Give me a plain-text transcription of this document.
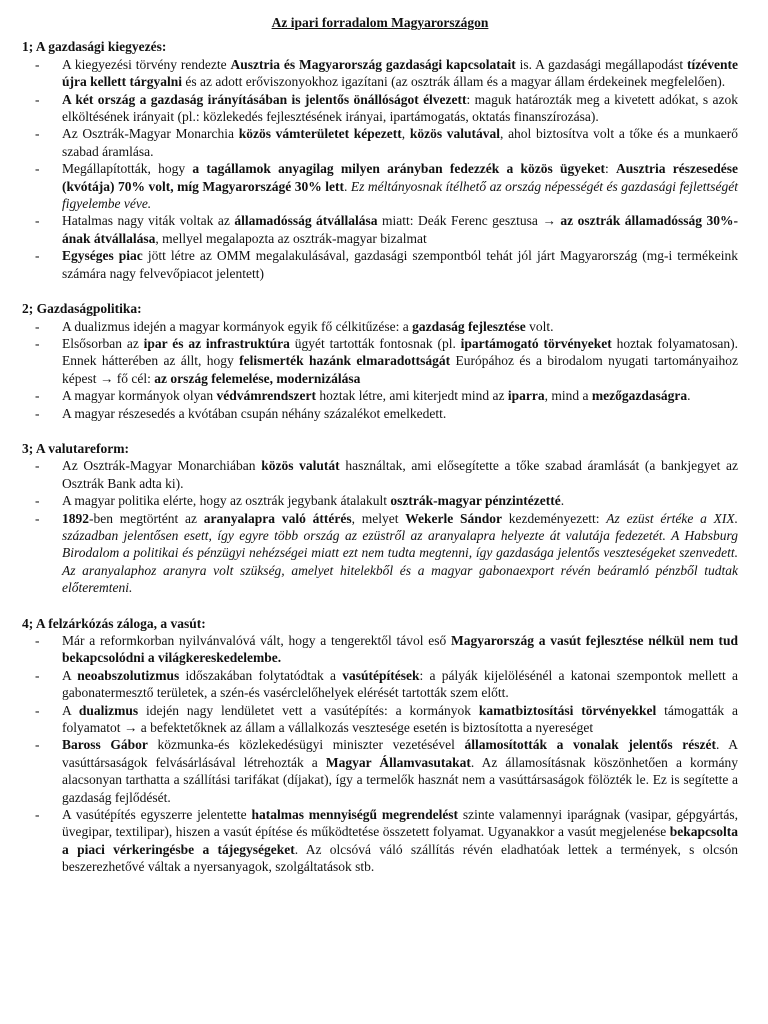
Az ipari forradalom Magyarországon
1; A gazdasági kiegyezés:
- A kiegyezési törvény rendezte Ausztria és Magyarország gazdasági kapcsolatait is. A gazdasági megállapodást tízévente újra kellett tárgyalni és az adott erőviszonyokhoz igazítani (az osztrák állam és a magyar állam érdekeinek megfelelően).
- A két ország a gazdaság irányításában is jelentős önállóságot élvezett: maguk határozták meg a kivetett adókat, s azok elköltésének irányait (pl.: közlekedés fejlesztésének irányai, ipartámogatás, oktatás finanszírozása).
- Az Osztrák-Magyar Monarchia közös vámterületet képezett, közös valutával, ahol biztosítva volt a tőke és a munkaerő szabad áramlása.
- Megállapították, hogy a tagállamok anyagilag milyen arányban fedezzék a közös ügyeket: Ausztria részesedése (kvótája) 70% volt, míg Magyarországé 30% lett. Ez méltányosnak ítélhető az ország népességét és gazdasági fejlettségét figyelembe véve.
- Hatalmas nagy viták voltak az államadósság átvállalása miatt: Deák Ferenc gesztusa → az osztrák államadósság 30%-ának átvállalása, mellyel megalapozta az osztrák-magyar bizalmat
- Egységes piac jött létre az OMM megalakulásával, gazdasági szempontból tehát jól járt Magyarország (mg-i termékeink számára nagy felvevőpiacot jelentett)
2; Gazdaságpolitika:
- A dualizmus idején a magyar kormányok egyik fő célkitűzése: a gazdaság fejlesztése volt.
- Elsősorban az ipar és az infrastruktúra ügyét tartották fontosnak (pl. ipartámogató törvényeket hoztak folyamatosan). Ennek hátterében az állt, hogy felismerték hazánk elmaradottságát Európához és a birodalom nyugati tartományaihoz képest → fő cél: az ország felemelése, modernizálása
- A magyar kormányok olyan védvámrendszert hoztak létre, ami kiterjedt mind az iparra, mind a mezőgazdaságra.
- A magyar részesedés a kvótában csupán néhány százalékot emelkedett.
3; A valutareform:
- Az Osztrák-Magyar Monarchiában közös valutát használtak, ami elősegítette a tőke szabad áramlását (a bankjegyet az Osztrák Bank adta ki).
- A magyar politika elérte, hogy az osztrák jegybank átalakult osztrák-magyar pénzintézetté.
- 1892-ben megtörtént az aranyalapra való áttérés, melyet Wekerle Sándor kezdeményezett: Az ezüst értéke a XIX. században jelentősen esett, így egyre több ország az ezüstről az aranyalapra helyezte át valutája fedezetét. A Habsburg Birodalom a politikai és pénzügyi nehézségei miatt ezt nem tudta megtenni, így gazdasága jelentős veszteségeket szenvedett. Az aranyalaphoz aranyra volt szükség, amelyet hitelekből és a magyar gabonaexport révén beáramló pénzből tudtak előteremteni.
4; A felzárkózás záloga, a vasút:
- Már a reformkorban nyilvánvalóvá vált, hogy a tengerektől távol eső Magyarország a vasút fejlesztése nélkül nem tud bekapcsolódni a világkereskedelembe.
- A neoabszolutizmus időszakában folytatódtak a vasútépítések: a pályák kijelölésénél a katonai szempontok mellett a gabonatermesztő területek, a szén-és vasérclelőhelyek elérését tartották szem előtt.
- A dualizmus idején nagy lendületet vett a vasútépítés: a kormányok kamatbiztosítási törvényekkel támogatták a folyamatot → a befektetőknek az állam a vállalkozás vesztesége esetén is biztosította a nyereséget
- Baross Gábor közmunka-és közlekedésügyi miniszter vezetésével államosították a vonalak jelentős részét. A vasúttársaságok felvásárlásával létrehozták a Magyar Államvasutakat. Az államosításnak köszönhetően a kormány alacsonyan tarthatta a szállítási tarifákat (díjakat), így a termelők hasznát nem a vasúttársaságok fölözték le. Ez is segítette a gazdaság fejlődését.
- A vasútépítés egyszerre jelentette hatalmas mennyiségű megrendelést szinte valamennyi iparágnak (vasipar, gépgyártás, üvegipar, textilipar), hiszen a vasút építése és működtetése összetett folyamat. Ugyanakkor a vasút megjelenése bekapcsolta a piaci vérkeringésbe a tájegységeket. Az olcsóvá váló szállítás révén eladhatóak lettek a termények, s olcsón beszerezhetővé váltak a nyersanyagok, szolgáltatások stb.
